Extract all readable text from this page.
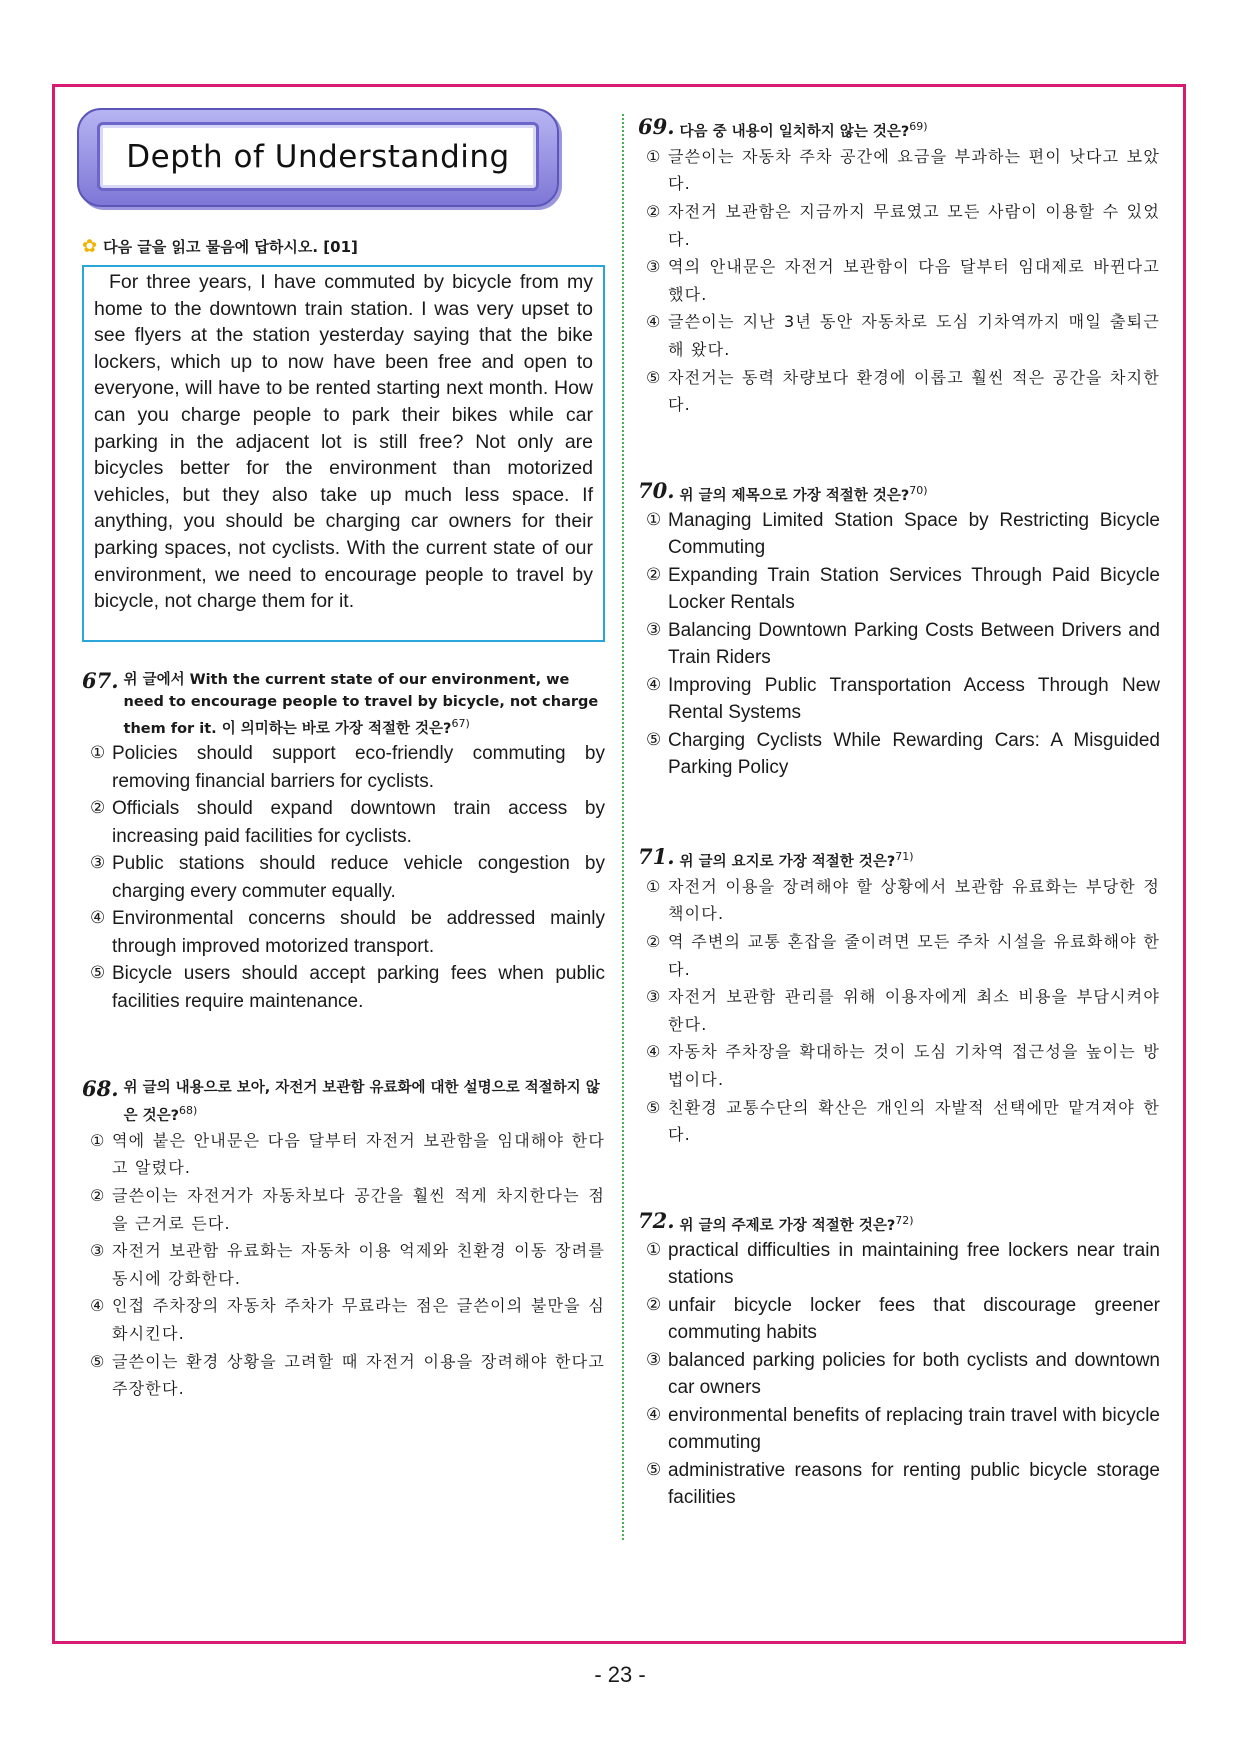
Depth of Understanding
✿ 다음 글을 읽고 물음에 답하시오. [01]
For three years, I have commuted by bicycle from my home to the downtown train station. I was very upset to see flyers at the station yesterday saying that the bike lockers, which up to now have been free and open to everyone, will have to be rented starting next month. How can you charge people to park their bikes while car parking in the adjacent lot is still free? Not only are bicycles better for the environment than motorized vehicles, but they also take up much less space. If anything, you should be charging car owners for their parking spaces, not cyclists. With the current state of our environment, we need to encourage people to travel by bicycle, not charge them for it.
67. 위 글에서 With the current state of our environment, we need to encourage people to travel by bicycle, not charge them for it. 이 의미하는 바로 가장 적절한 것은?$^{67)}$
① Policies should support eco-friendly commuting by removing financial barriers for cyclists.
② Officials should expand downtown train access by increasing paid facilities for cyclists.
③ Public stations should reduce vehicle congestion by charging every commuter equally.
④ Environmental concerns should be addressed mainly through improved motorized transport.
⑤ Bicycle users should accept parking fees when public facilities require maintenance.
68. 위 글의 내용으로 보아, 자전거 보관함 유료화에 대한 설명으로 적절하지 않은 것은?$^{68)}$
① 역에 붙은 안내문은 다음 달부터 자전거 보관함을 임대해야 한다고 알렸다.
② 글쓴이는 자전거가 자동차보다 공간을 훨씬 적게 차지한다는 점을 근거로 든다.
③ 자전거 보관함 유료화는 자동차 이용 억제와 친환경 이동 장려를 동시에 강화한다.
④ 인접 주차장의 자동차 주차가 무료라는 점은 글쓴이의 불만을 심화시킨다.
⑤ 글쓴이는 환경 상황을 고려할 때 자전거 이용을 장려해야 한다고 주장한다.
69. 다음 중 내용이 일치하지 않는 것은?$^{69)}$
① 글쓴이는 자동차 주차 공간에 요금을 부과하는 편이 낫다고 보았다.
② 자전거 보관함은 지금까지 무료였고 모든 사람이 이용할 수 있었다.
③ 역의 안내문은 자전거 보관함이 다음 달부터 임대제로 바뀐다고 했다.
④ 글쓴이는 지난 3년 동안 자동차로 도심 기차역까지 매일 출퇴근해 왔다.
⑤ 자전거는 동력 차량보다 환경에 이롭고 훨씬 적은 공간을 차지한다.
70. 위 글의 제목으로 가장 적절한 것은?$^{70)}$
① Managing Limited Station Space by Restricting Bicycle Commuting
② Expanding Train Station Services Through Paid Bicycle Locker Rentals
③ Balancing Downtown Parking Costs Between Drivers and Train Riders
④ Improving Public Transportation Access Through New Rental Systems
⑤ Charging Cyclists While Rewarding Cars: A Misguided Parking Policy
71. 위 글의 요지로 가장 적절한 것은?$^{71)}$
① 자전거 이용을 장려해야 할 상황에서 보관함 유료화는 부당한 정책이다.
② 역 주변의 교통 혼잡을 줄이려면 모든 주차 시설을 유료화해야 한다.
③ 자전거 보관함 관리를 위해 이용자에게 최소 비용을 부담시켜야 한다.
④ 자동차 주차장을 확대하는 것이 도심 기차역 접근성을 높이는 방법이다.
⑤ 친환경 교통수단의 확산은 개인의 자발적 선택에만 맡겨져야 한다.
72. 위 글의 주제로 가장 적절한 것은?$^{72)}$
① practical difficulties in maintaining free lockers near train stations
② unfair bicycle locker fees that discourage greener commuting habits
③ balanced parking policies for both cyclists and downtown car owners
④ environmental benefits of replacing train travel with bicycle commuting
⑤ administrative reasons for renting public bicycle storage facilities
- 23 -
